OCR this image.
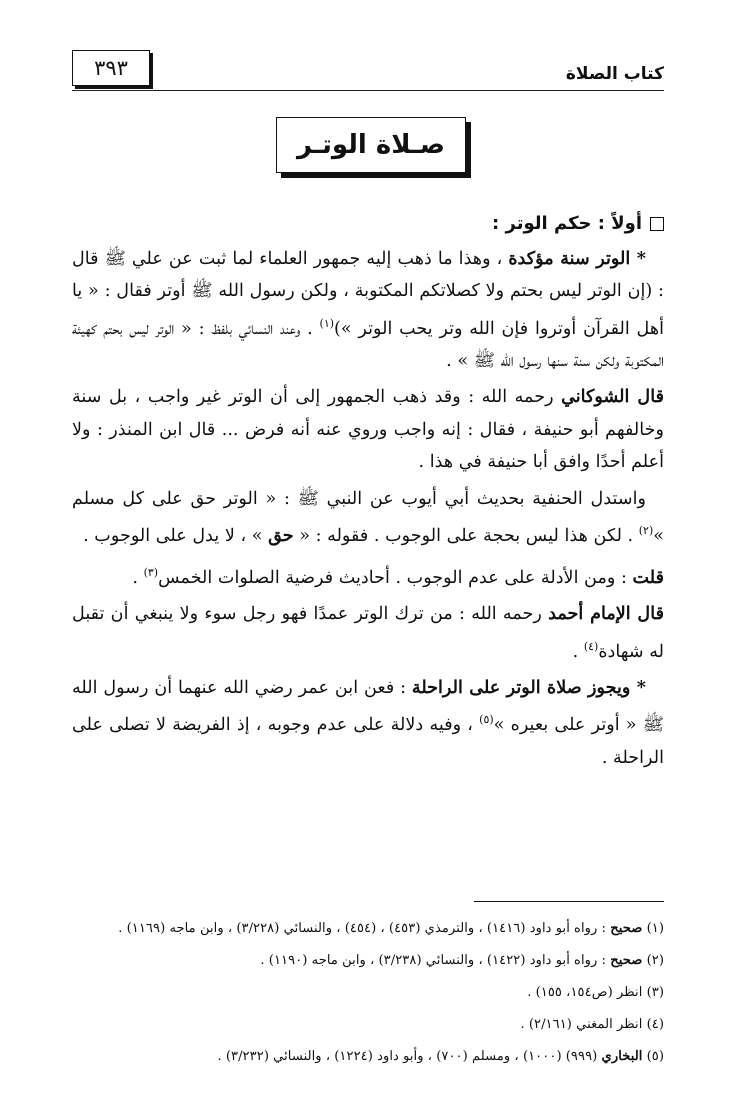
كتاب الصلاة
٣٩٣
صـلاة الوتـر
أولاً : حكم الوتر :

* الوتر سنة مؤكدة ، وهذا ما ذهب إليه جمهور العلماء لما ثبت عن علي ﷺ قال : (إن الوتر ليس بحتم ولا كصلاتكم المكتوبة ، ولكن رسول الله ﷺ أوتر فقال : « يا أهل القرآن أوتروا فإن الله وتر يحب الوتر »)$^{(١)}$ . وعند النسائي بلفظ : « الوتر ليس بحتم كهيئة المكتوبة ولكن سنة سنها رسول الله ﷺ » .

قال الشوكاني رحمه الله : وقد ذهب الجمهور إلى أن الوتر غير واجب ، بل سنة وخالفهم أبو حنيفة ، فقال : إنه واجب وروي عنه أنه فرض ... قال ابن المنذر : ولا أعلم أحدًا وافق أبا حنيفة في هذا .

واستدل الحنفية بحديث أبي أيوب عن النبي ﷺ : « الوتر حق على كل مسلم »$^{(٢)}$ . لكن هذا ليس بحجة على الوجوب . فقوله : « حق » ، لا يدل على الوجوب .

قلت : ومن الأدلة على عدم الوجوب . أحاديث فرضية الصلوات الخمس$^{(٣)}$ .

قال الإمام أحمد رحمه الله : من ترك الوتر عمدًا فهو رجل سوء ولا ينبغي أن تقبل له شهادة$^{(٤)}$ .

* ويجوز صلاة الوتر على الراحلة : فعن ابن عمر رضي الله عنهما أن رسول الله ﷺ « أوتر على بعيره »$^{(٥)}$ ، وفيه دلالة على عدم وجوبه ، إذ الفريضة لا تصلى على الراحلة .

(١) صحيح : رواه أبو داود (١٤١٦) ، والترمذي (٤٥٣) ، (٤٥٤) ، والنسائي (٣/٢٢٨) ، وابن ماجه (١١٦٩) .
(٢) صحيح : رواه أبو داود (١٤٢٢) ، والنسائي (٣/٢٣٨) ، وابن ماجه (١١٩٠) .
(٣) انظر (ص١٥٤، ١٥٥) .
(٤) انظر المغني (٢/١٦١) .
(٥) البخاري (٩٩٩) (١٠٠٠) ، ومسلم (٧٠٠) ، وأبو داود (١٢٢٤) ، والنسائي (٣/٢٣٢) .
